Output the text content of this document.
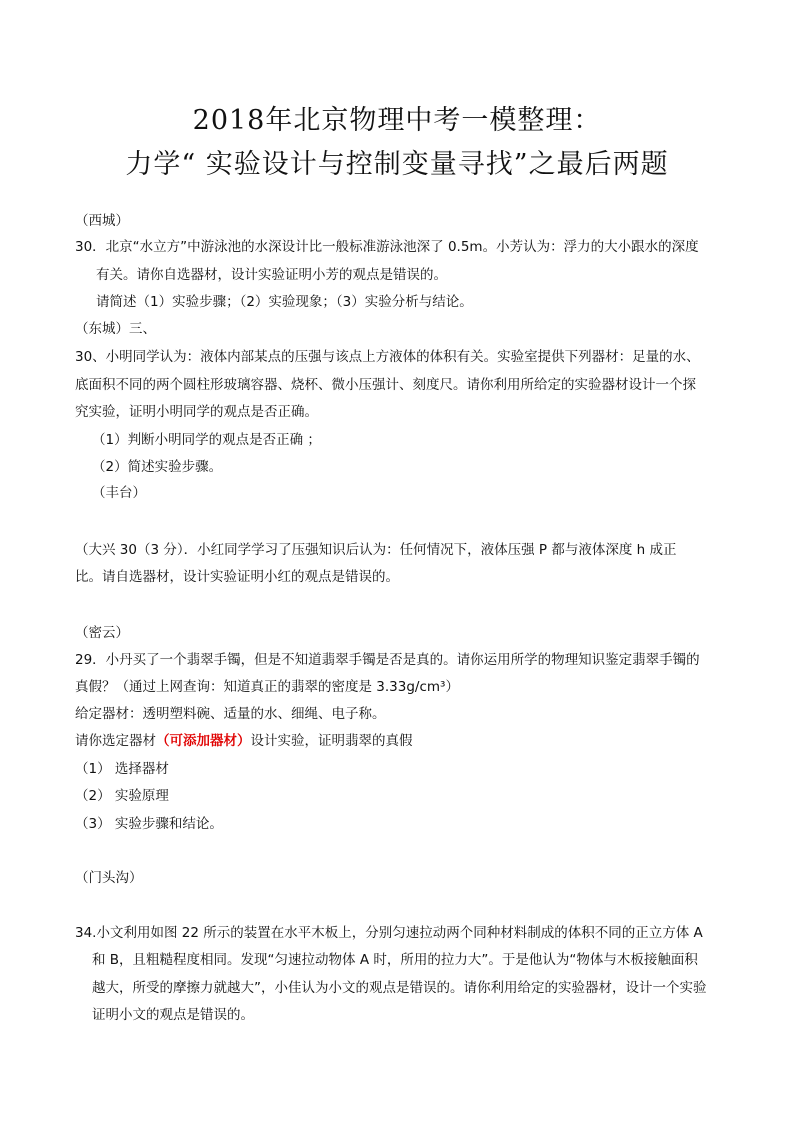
2018年北京物理中考一模整理：
力学“ 实验设计与控制变量寻找”之最后两题
（西城）
30．北京“水立方”中游泳池的水深设计比一般标准游泳池深了 0.5m。小芳认为：浮力的大小跟水的深度
有关。请你自选器材，设计实验证明小芳的观点是错误的。
请简述（1）实验步骤；（2）实验现象；（3）实验分析与结论。
（东城）三、
30、小明同学认为：液体内部某点的压强与该点上方液体的体积有关。实验室提供下列器材：足量的水、
底面积不同的两个圆柱形玻璃容器、烧杯、微小压强计、刻度尺。请你利用所给定的实验器材设计一个探
究实验，证明小明同学的观点是否正确。
（1）判断小明同学的观点是否正确 ；
（2）简述实验步骤。
（丰台）
（大兴 30（3 分）．小红同学学习了压强知识后认为：任何情况下，液体压强 P 都与液体深度 h 成正
比。请自选器材，设计实验证明小红的观点是错误的。
（密云）
29．小丹买了一个翡翠手镯，但是不知道翡翠手镯是否是真的。请你运用所学的物理知识鉴定翡翠手镯的
真假？（通过上网查询：知道真正的翡翠的密度是 3.33g/cm³）
给定器材：透明塑料碗、适量的水、细绳、电子称。
请你选定器材（可添加器材）设计实验，证明翡翠的真假
（1） 选择器材
（2） 实验原理
（3） 实验步骤和结论。
（门头沟）
34.小文利用如图 22 所示的装置在水平木板上，分别匀速拉动两个同种材料制成的体积不同的正立方体 A
和 B，且粗糙程度相同。发现“匀速拉动物体 A 时，所用的拉力大”。于是他认为“物体与木板接触面积
越大，所受的摩擦力就越大”，小佳认为小文的观点是错误的。请你利用给定的实验器材，设计一个实验
证明小文的观点是错误的。
